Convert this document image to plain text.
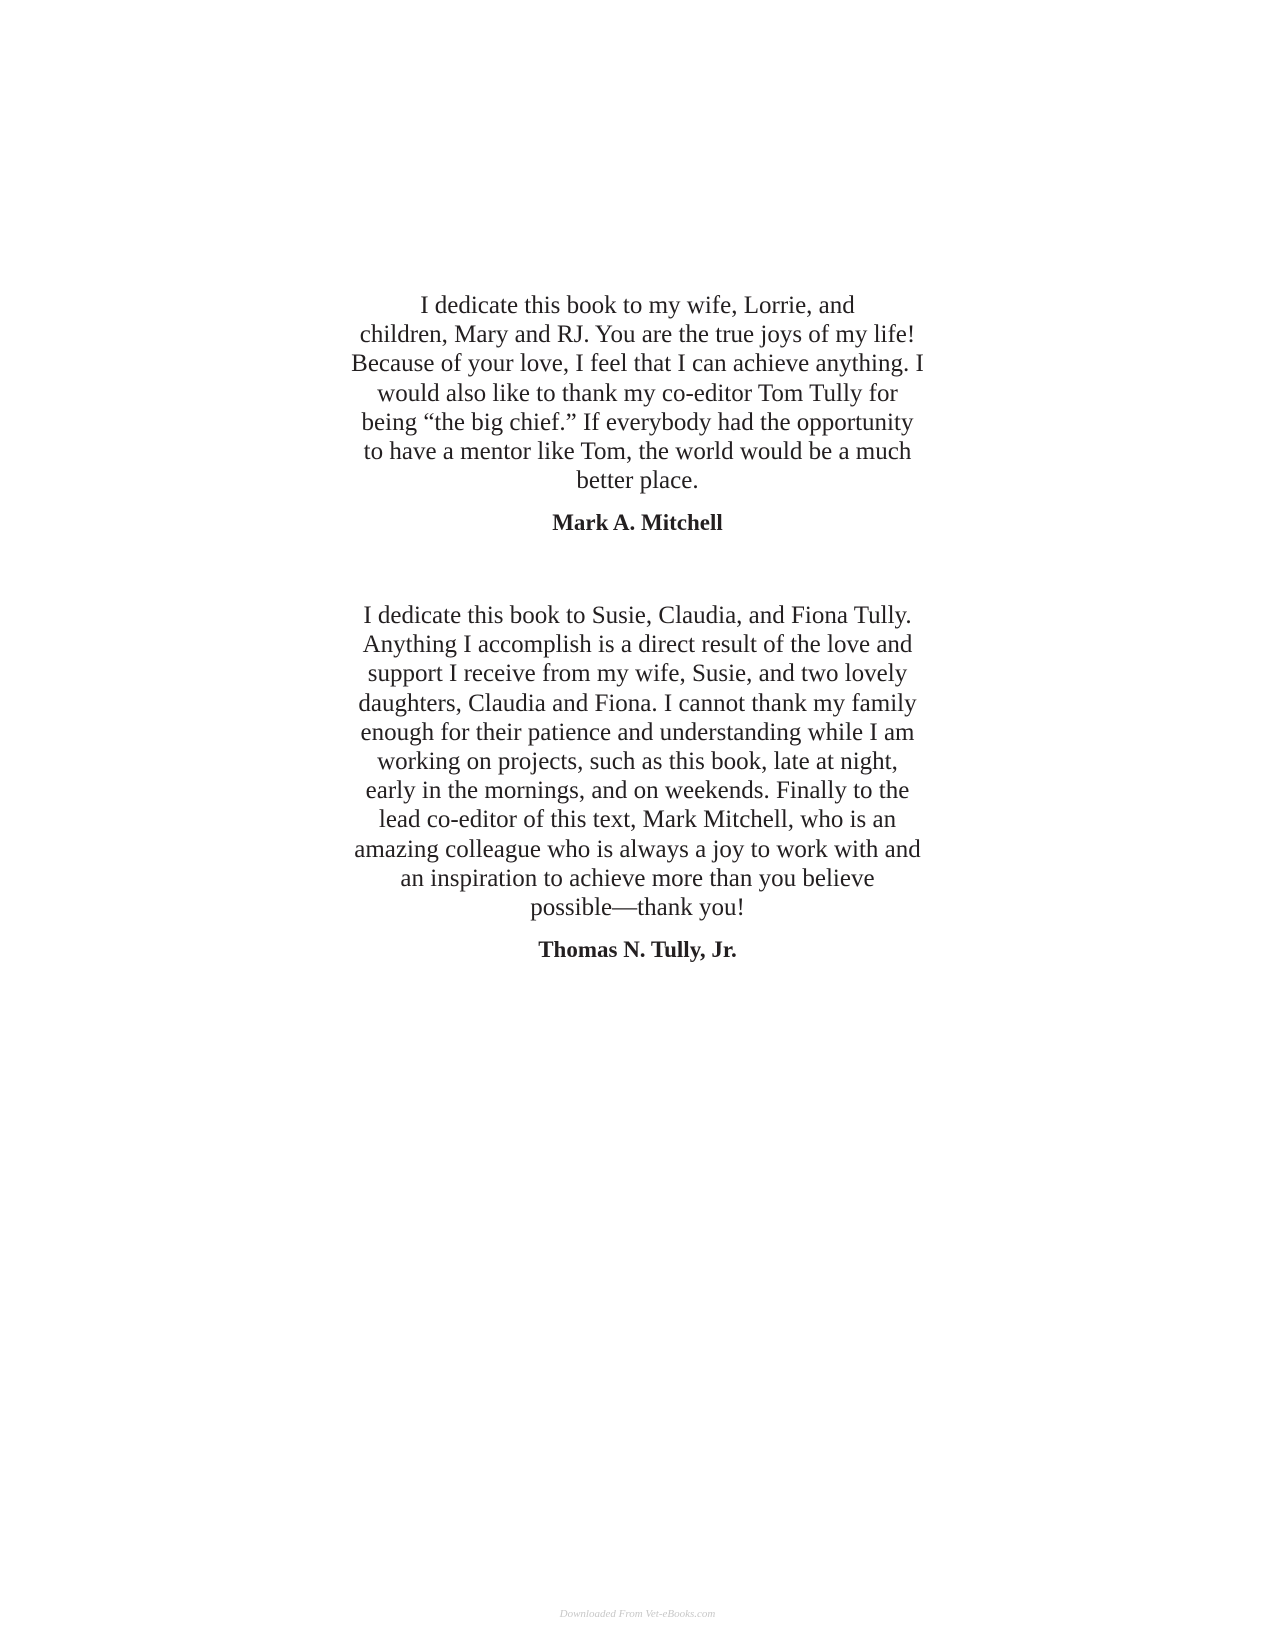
I dedicate this book to my wife, Lorrie, and
children, Mary and RJ. You are the true joys of my life!
Because of your love, I feel that I can achieve anything. I
would also like to thank my co-editor Tom Tully for
being “the big chief.” If everybody had the opportunity
to have a mentor like Tom, the world would be a much
better place.
Mark A. Mitchell
I dedicate this book to Susie, Claudia, and Fiona Tully.
Anything I accomplish is a direct result of the love and
support I receive from my wife, Susie, and two lovely
daughters, Claudia and Fiona. I cannot thank my family
enough for their patience and understanding while I am
working on projects, such as this book, late at night,
early in the mornings, and on weekends. Finally to the
lead co-editor of this text, Mark Mitchell, who is an
amazing colleague who is always a joy to work with and
an inspiration to achieve more than you believe
possible—thank you!
Thomas N. Tully, Jr.
Downloaded From Vet-eBooks.com
